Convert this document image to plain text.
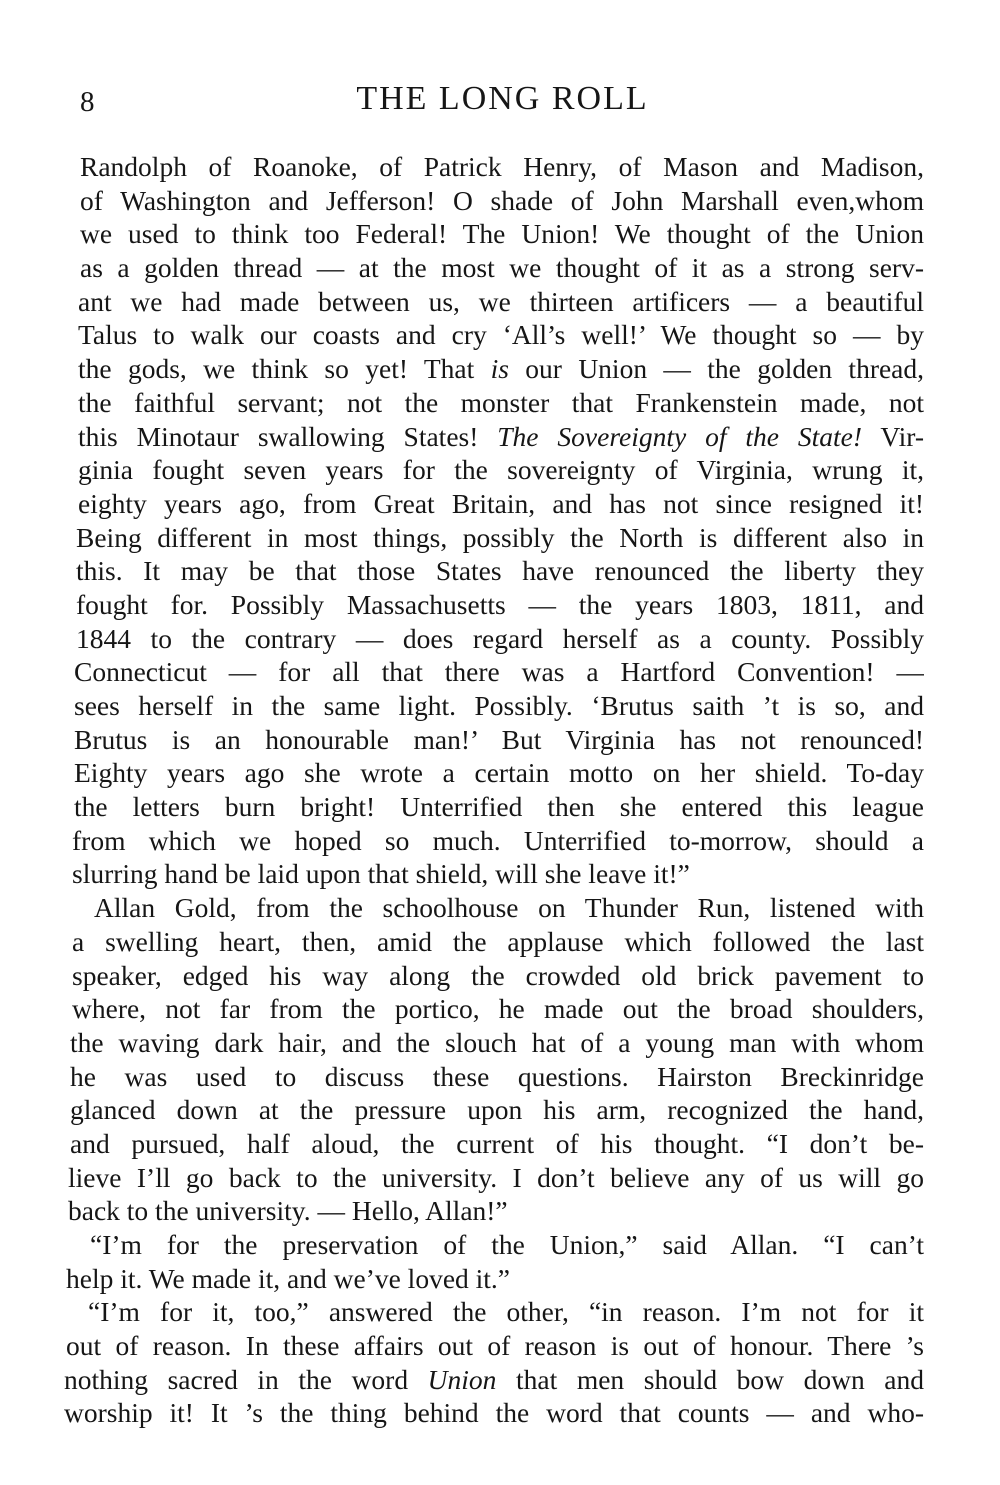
8	THE LONG ROLL
Randolph of Roanoke, of Patrick Henry, of Mason and Madison,
of Washington and Jefferson! O shade of John Marshall even,whom
we used to think too Federal! The Union! We thought of the Union
as a golden thread — at the most we thought of it as a strong serv-
ant we had made between us, we thirteen artificers — a beautiful
Talus to walk our coasts and cry ‘All’s well!’ We thought so — by
the gods, we think so yet! That is our Union — the golden thread,
the faithful servant; not the monster that Frankenstein made, not
this Minotaur swallowing States! The Sovereignty of the State! Vir-
ginia fought seven years for the sovereignty of Virginia, wrung it,
eighty years ago, from Great Britain, and has not since resigned it!
Being different in most things, possibly the North is different also in
this. It may be that those States have renounced the liberty they
fought for. Possibly Massachusetts — the years 1803, 1811, and
1844 to the contrary — does regard herself as a county. Possibly
Connecticut — for all that there was a Hartford Convention! —
sees herself in the same light. Possibly. ‘Brutus saith ’t is so, and
Brutus is an honourable man!’ But Virginia has not renounced!
Eighty years ago she wrote a certain motto on her shield. To-day
the letters burn bright! Unterrified then she entered this league
from which we hoped so much. Unterrified to-morrow, should a
slurring hand be laid upon that shield, will she leave it!”
Allan Gold, from the schoolhouse on Thunder Run, listened with
a swelling heart, then, amid the applause which followed the last
speaker, edged his way along the crowded old brick pavement to
where, not far from the portico, he made out the broad shoulders,
the waving dark hair, and the slouch hat of a young man with whom
he was used to discuss these questions. Hairston Breckinridge
glanced down at the pressure upon his arm, recognized the hand,
and pursued, half aloud, the current of his thought. “I don’t be-
lieve I’ll go back to the university. I don’t believe any of us will go
back to the university. — Hello, Allan!”
“I’m for the preservation of the Union,” said Allan. “I can’t
help it. We made it, and we’ve loved it.”
“I’m for it, too,” answered the other, “in reason. I’m not for it
out of reason. In these affairs out of reason is out of honour. There ’s
nothing sacred in the word Union that men should bow down and
worship it! It ’s the thing behind the word that counts — and who-
